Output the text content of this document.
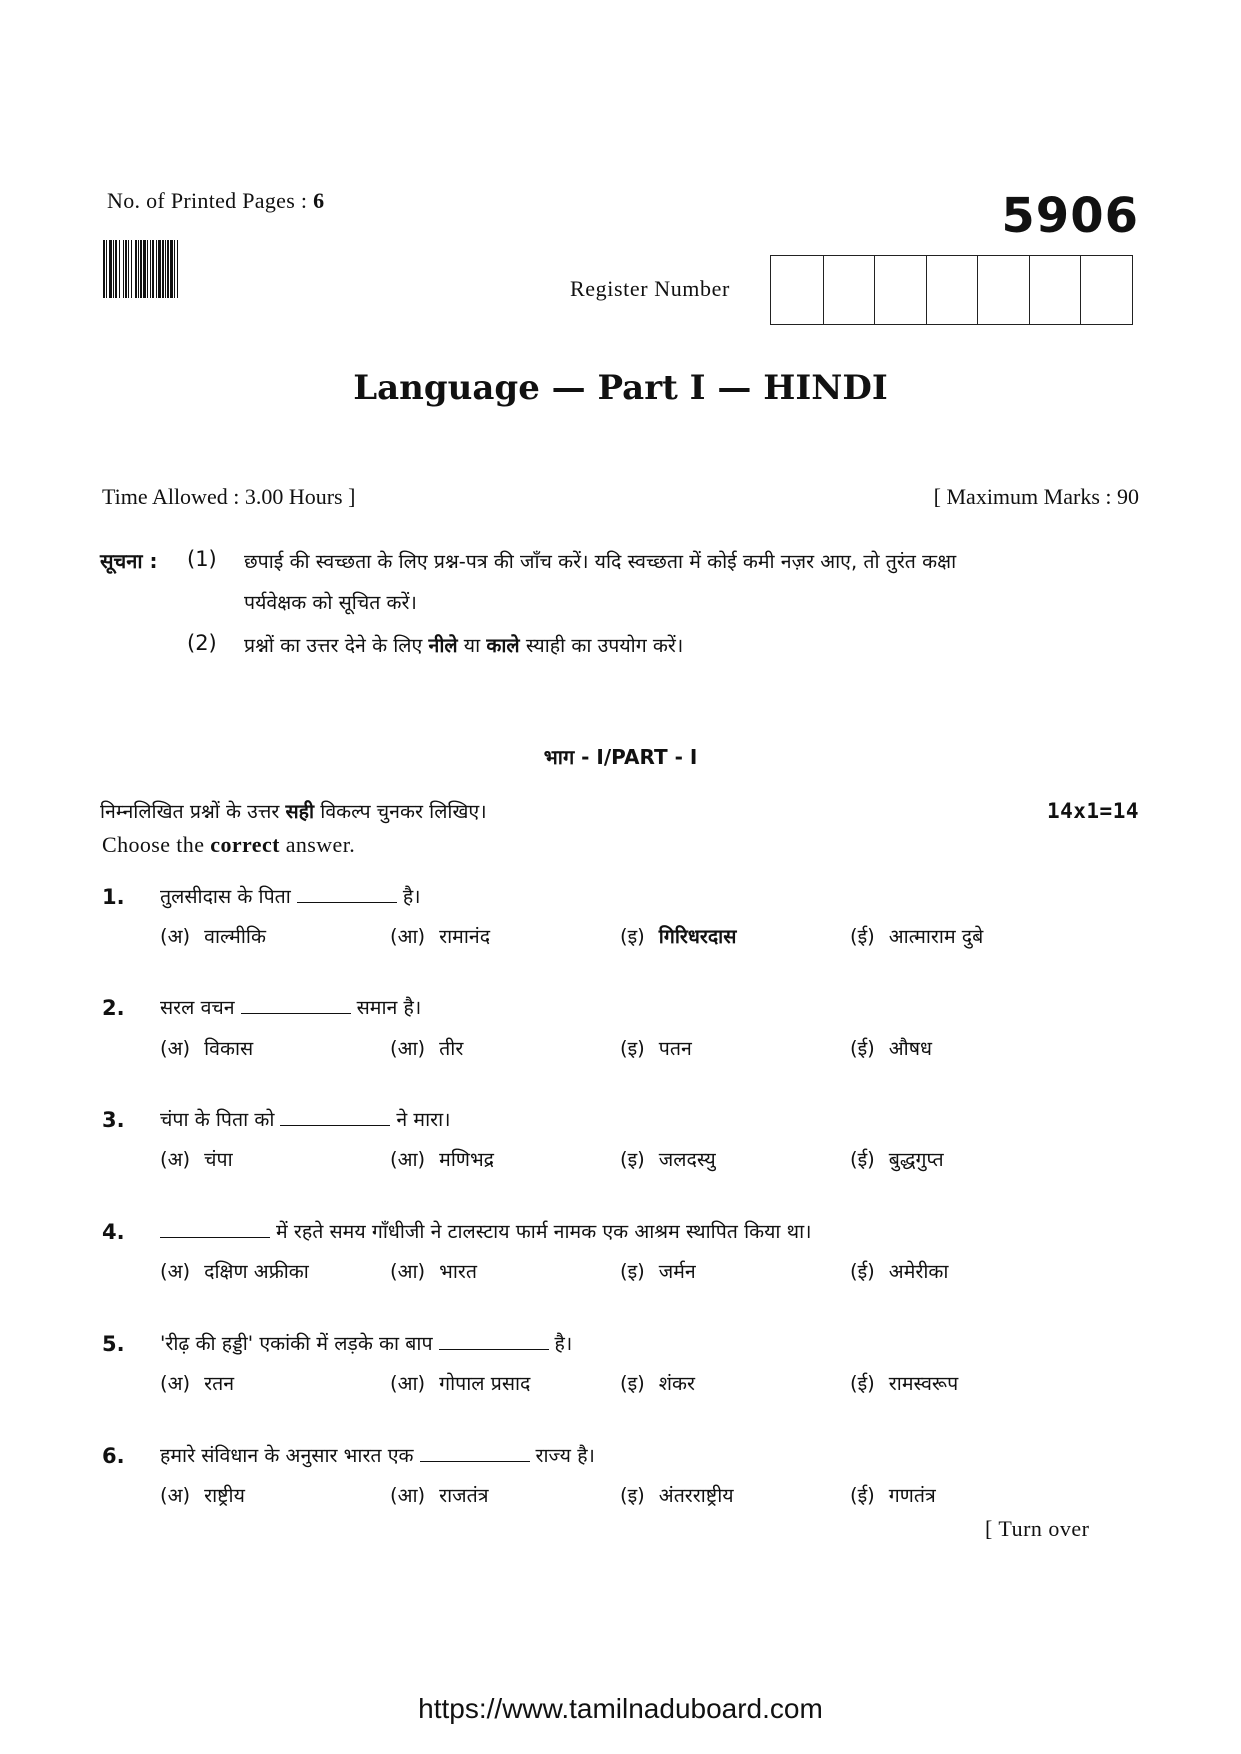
No. of Printed Pages : 6	5906
Register Number
Language — Part I — HINDI
Time Allowed : 3.00 Hours ]	[ Maximum Marks : 90
सूचना : (1) छपाई की स्वच्छता के लिए प्रश्न-पत्र की जाँच करें। यदि स्वच्छता में कोई कमी नज़र आए, तो तुरंत कक्षा
पर्यवेक्षक को सूचित करें।
(2) प्रश्नों का उत्तर देने के लिए नीले या काले स्याही का उपयोग करें।
भाग - I/PART - I
निम्नलिखित प्रश्नों के उत्तर सही विकल्प चुनकर लिखिए।
Choose the correct answer.
14x1=14
1. तुलसीदास के पिता	है।
(अ) वाल्मीकि	(आ) रामानंद	(इ) गिरिधरदास	(ई) आत्माराम दुबे
2. सरल वचन	समान है।
(अ) विकास	(आ) तीर	(इ) पतन	(ई) औषध
3. चंपा के पिता को	ने मारा।
(अ) चंपा	(आ) मणिभद्र	(इ) जलदस्यु	(ई) बुद्धगुप्त
4.	में रहते समय गाँधीजी ने टालस्टाय फार्म नामक एक आश्रम स्थापित किया था।
(अ) दक्षिण अफ्रीका	(आ) भारत	(इ) जर्मन	(ई) अमेरीका
5. 'रीढ़ की हड्डी' एकांकी में लड़के का बाप	है।
(अ) रतन	(आ) गोपाल प्रसाद	(इ) शंकर	(ई) रामस्वरूप
6. हमारे संविधान के अनुसार भारत एक	राज्य है।
(अ) राष्ट्रीय	(आ) राजतंत्र	(इ) अंतरराष्ट्रीय	(ई) गणतंत्र
[ Turn over
https://www.tamilnaduboard.com
